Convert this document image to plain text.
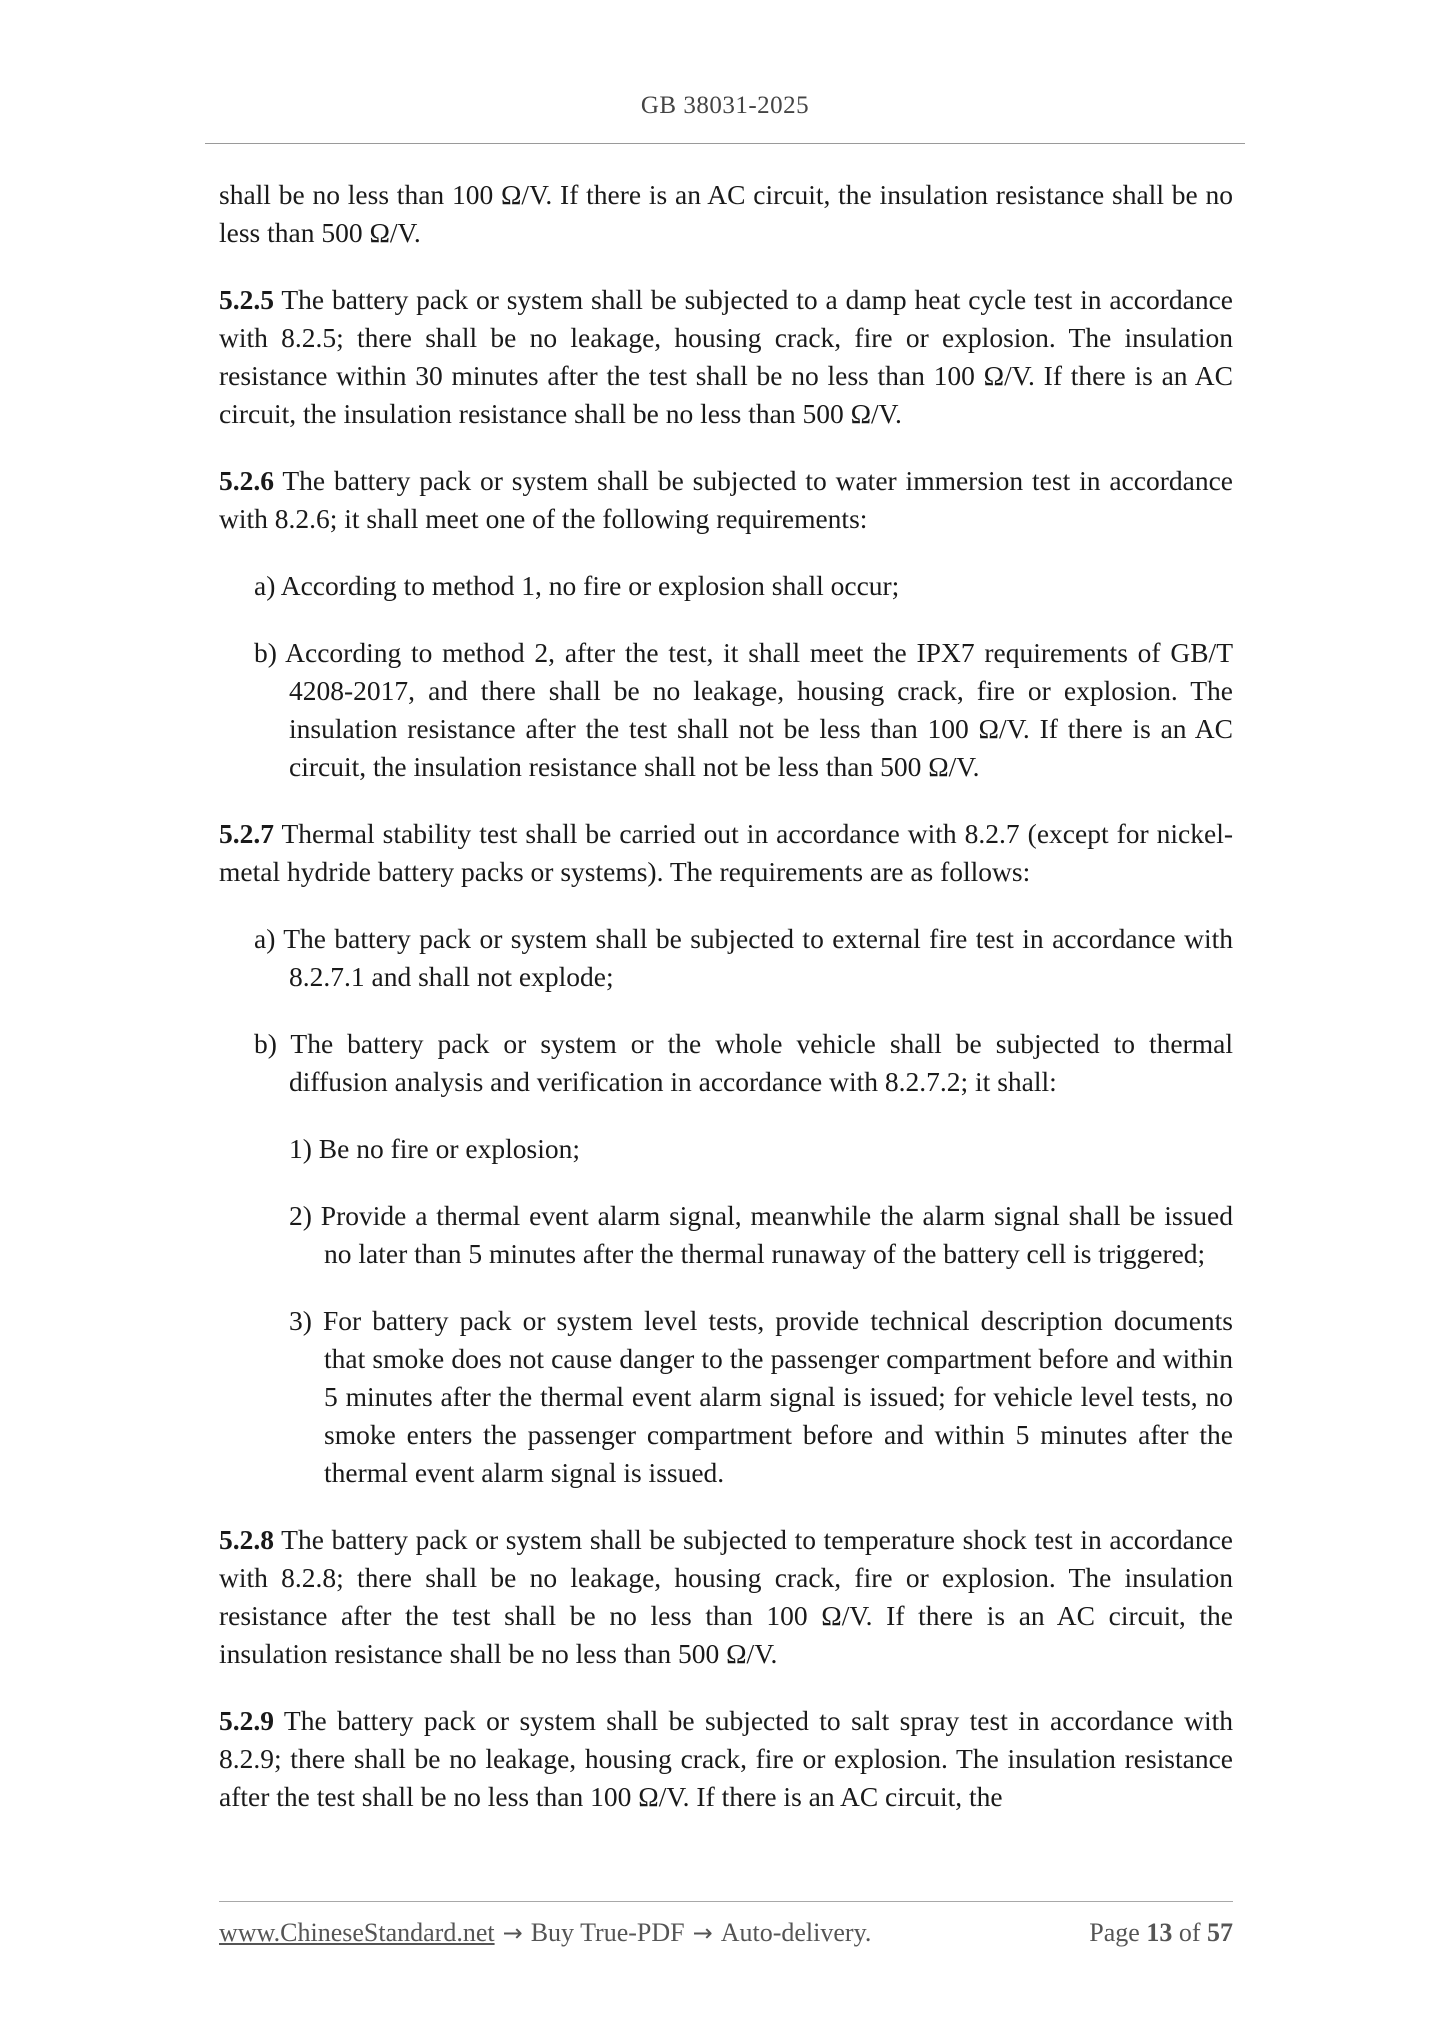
GB 38031-2025

shall be no less than 100 Ω/V. If there is an AC circuit, the insulation resistance shall be no less than 500 Ω/V.

5.2.5 The battery pack or system shall be subjected to a damp heat cycle test in accordance with 8.2.5; there shall be no leakage, housing crack, fire or explosion. The insulation resistance within 30 minutes after the test shall be no less than 100 Ω/V. If there is an AC circuit, the insulation resistance shall be no less than 500 Ω/V.

5.2.6 The battery pack or system shall be subjected to water immersion test in accordance with 8.2.6; it shall meet one of the following requirements:

a) According to method 1, no fire or explosion shall occur;

b) According to method 2, after the test, it shall meet the IPX7 requirements of GB/T 4208-2017, and there shall be no leakage, housing crack, fire or explosion. The insulation resistance after the test shall not be less than 100 Ω/V. If there is an AC circuit, the insulation resistance shall not be less than 500 Ω/V.

5.2.7 Thermal stability test shall be carried out in accordance with 8.2.7 (except for nickel-metal hydride battery packs or systems). The requirements are as follows:

a) The battery pack or system shall be subjected to external fire test in accordance with 8.2.7.1 and shall not explode;

b) The battery pack or system or the whole vehicle shall be subjected to thermal diffusion analysis and verification in accordance with 8.2.7.2; it shall:

1) Be no fire or explosion;

2) Provide a thermal event alarm signal, meanwhile the alarm signal shall be issued no later than 5 minutes after the thermal runaway of the battery cell is triggered;

3) For battery pack or system level tests, provide technical description documents that smoke does not cause danger to the passenger compartment before and within 5 minutes after the thermal event alarm signal is issued; for vehicle level tests, no smoke enters the passenger compartment before and within 5 minutes after the thermal event alarm signal is issued.

5.2.8 The battery pack or system shall be subjected to temperature shock test in accordance with 8.2.8; there shall be no leakage, housing crack, fire or explosion. The insulation resistance after the test shall be no less than 100 Ω/V. If there is an AC circuit, the insulation resistance shall be no less than 500 Ω/V.

5.2.9 The battery pack or system shall be subjected to salt spray test in accordance with 8.2.9; there shall be no leakage, housing crack, fire or explosion. The insulation resistance after the test shall be no less than 100 Ω/V. If there is an AC circuit, the

www.ChineseStandard.net → Buy True-PDF → Auto-delivery.	Page 13 of 57
